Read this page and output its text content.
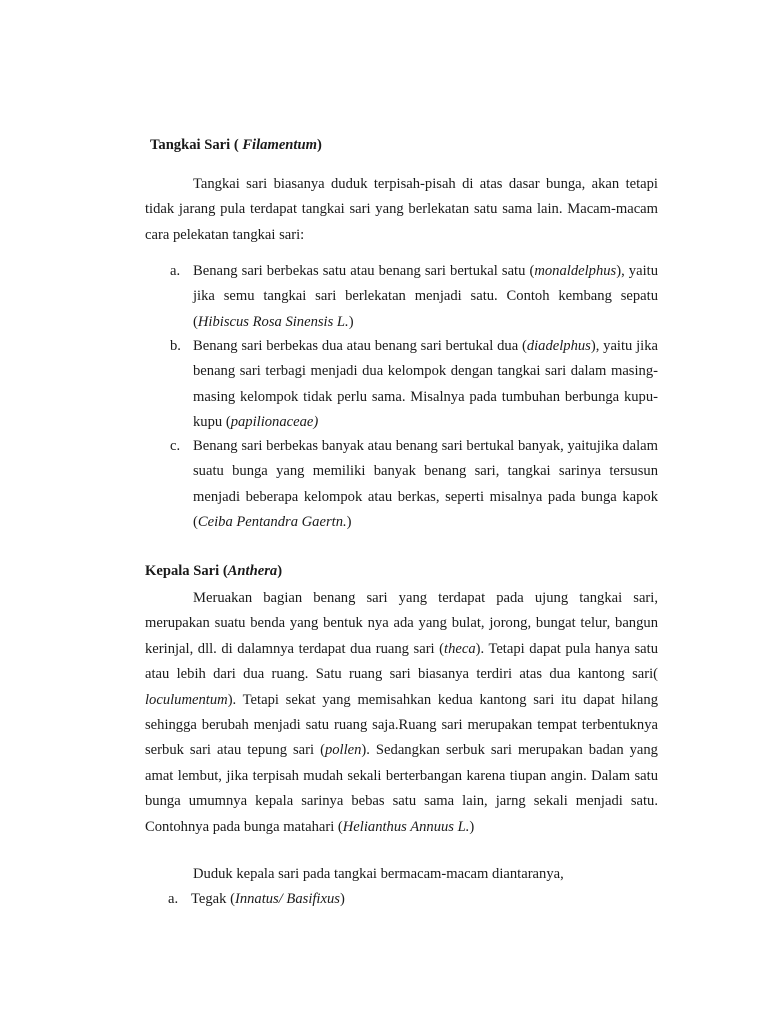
Tangkai Sari ( Filamentum)

Tangkai sari biasanya duduk terpisah-pisah di atas dasar bunga, akan tetapi tidak jarang pula terdapat tangkai sari yang berlekatan satu sama lain. Macam-macam cara pelekatan tangkai sari:

a. Benang sari berbekas satu atau benang sari bertukal satu (monaldelphus), yaitu jika semu tangkai sari berlekatan menjadi satu. Contoh kembang sepatu (Hibiscus Rosa Sinensis L.)
b. Benang sari berbekas dua atau benang sari bertukal dua (diadelphus), yaitu jika benang sari terbagi menjadi dua kelompok dengan tangkai sari dalam masing-masing kelompok tidak perlu sama. Misalnya pada tumbuhan berbunga kupu-kupu (papilionaceae)
c. Benang sari berbekas banyak atau benang sari bertukal banyak, yaitujika dalam suatu bunga yang memiliki banyak benang sari, tangkai sarinya tersusun menjadi beberapa kelompok atau berkas, seperti misalnya pada bunga kapok (Ceiba Pentandra Gaertn.)
Kepala Sari (Anthera)

Meruakan bagian benang sari yang terdapat pada ujung tangkai sari, merupakan suatu benda yang bentuk nya ada yang bulat, jorong, bungat telur, bangun kerinjal, dll. di dalamnya terdapat dua ruang sari (theca). Tetapi dapat pula hanya satu atau lebih dari dua ruang. Satu ruang sari biasanya terdiri atas dua kantong sari( loculumentum). Tetapi sekat yang memisahkan kedua kantong sari itu dapat hilang sehingga berubah menjadi satu ruang saja.Ruang sari merupakan tempat terbentuknya serbuk sari atau tepung sari (pollen). Sedangkan serbuk sari merupakan badan yang amat lembut, jika terpisah mudah sekali berterbangan karena tiupan angin. Dalam satu bunga umumnya kepala sarinya bebas satu sama lain, jarng sekali menjadi satu. Contohnya pada bunga matahari (Helianthus Annuus L.)

Duduk kepala sari pada tangkai bermacam-macam diantaranya,

a. Tegak (Innatus/ Basifixus)
